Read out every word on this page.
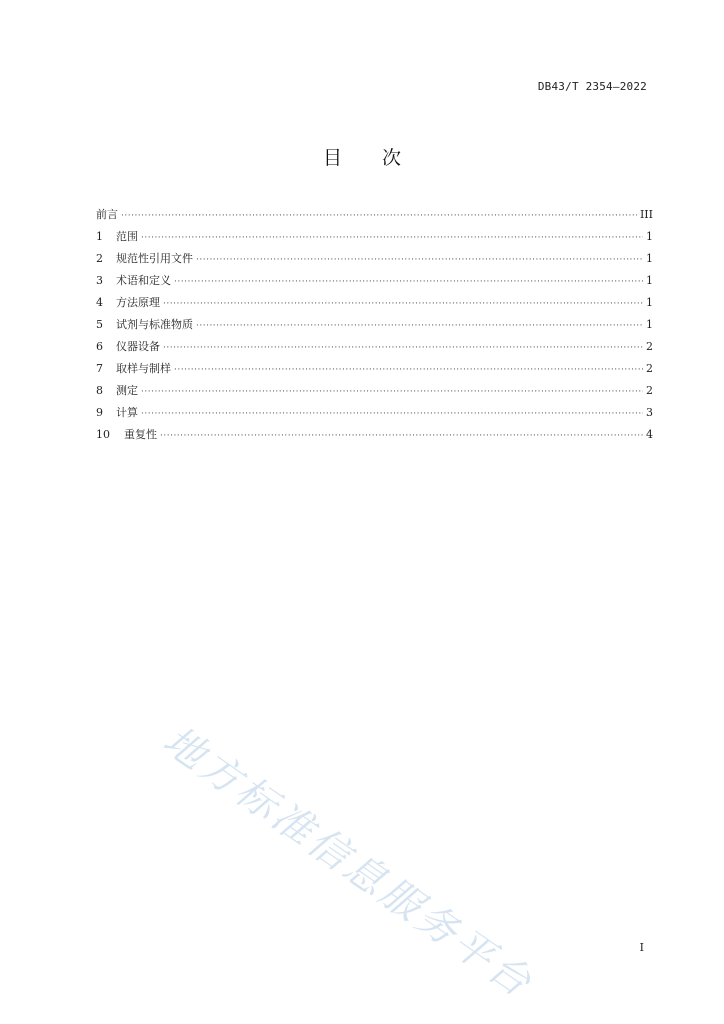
DB43/T 2354—2022
目 次
前言 ·····	III
1	范围 ·····	1
2	规范性引用文件 ·····	1
3	术语和定义 ·····	1
4	方法原理 ·····	1
5	试剂与标准物质 ·····	1
6	仪器设备 ·····	2
7	取样与制样 ·····	2
8	测定 ·····	2
9	计算 ·····	3
10	重复性 ·····	4
地方标准信息服务平台	I
